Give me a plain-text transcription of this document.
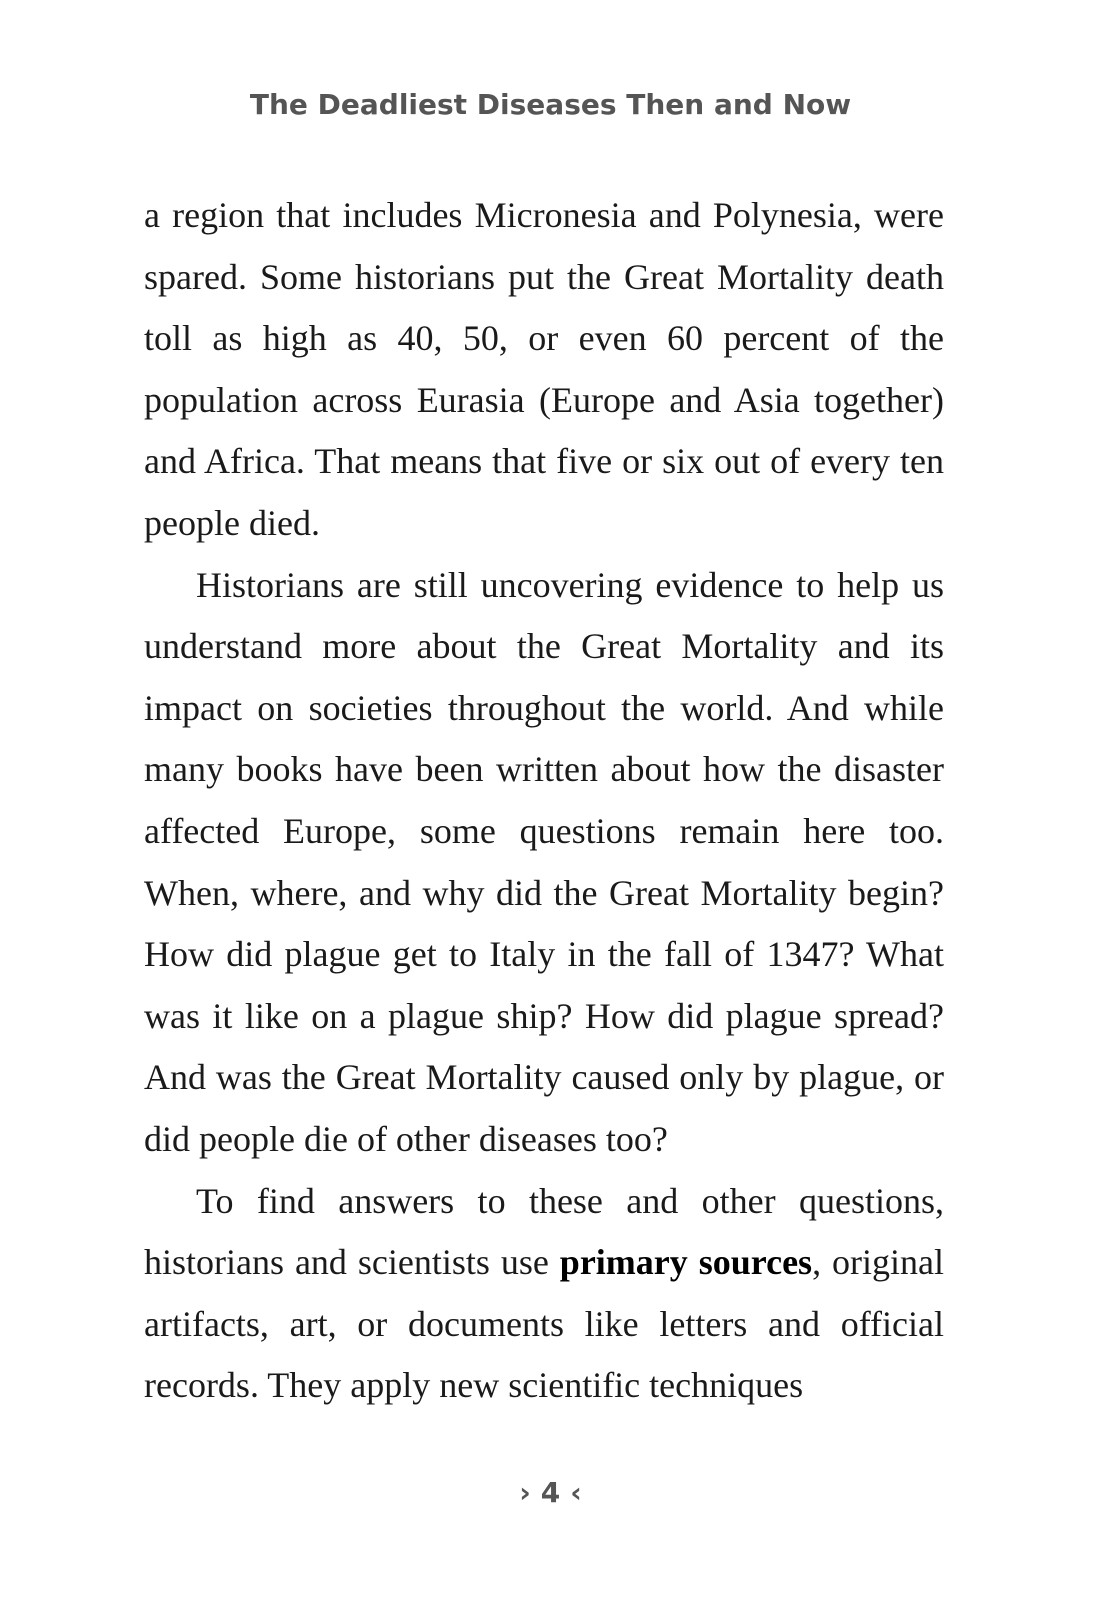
The Deadliest Diseases Then and Now

a region that includes Micronesia and Polynesia, were spared. Some historians put the Great Mortality death toll as high as 40, 50, or even 60 percent of the population across Eurasia (Europe and Asia together) and Africa. That means that five or six out of every ten people died.

Historians are still uncovering evidence to help us understand more about the Great Mortality and its impact on societies throughout the world. And while many books have been written about how the disaster affected Europe, some questions remain here too. When, where, and why did the Great Mortality begin? How did plague get to Italy in the fall of 1347? What was it like on a plague ship? How did plague spread? And was the Great Mortality caused only by plague, or did people die of other diseases too?

To find answers to these and other questions, historians and scientists use primary sources, original artifacts, art, or documents like letters and official records. They apply new scientific techniques

› 4 ‹
